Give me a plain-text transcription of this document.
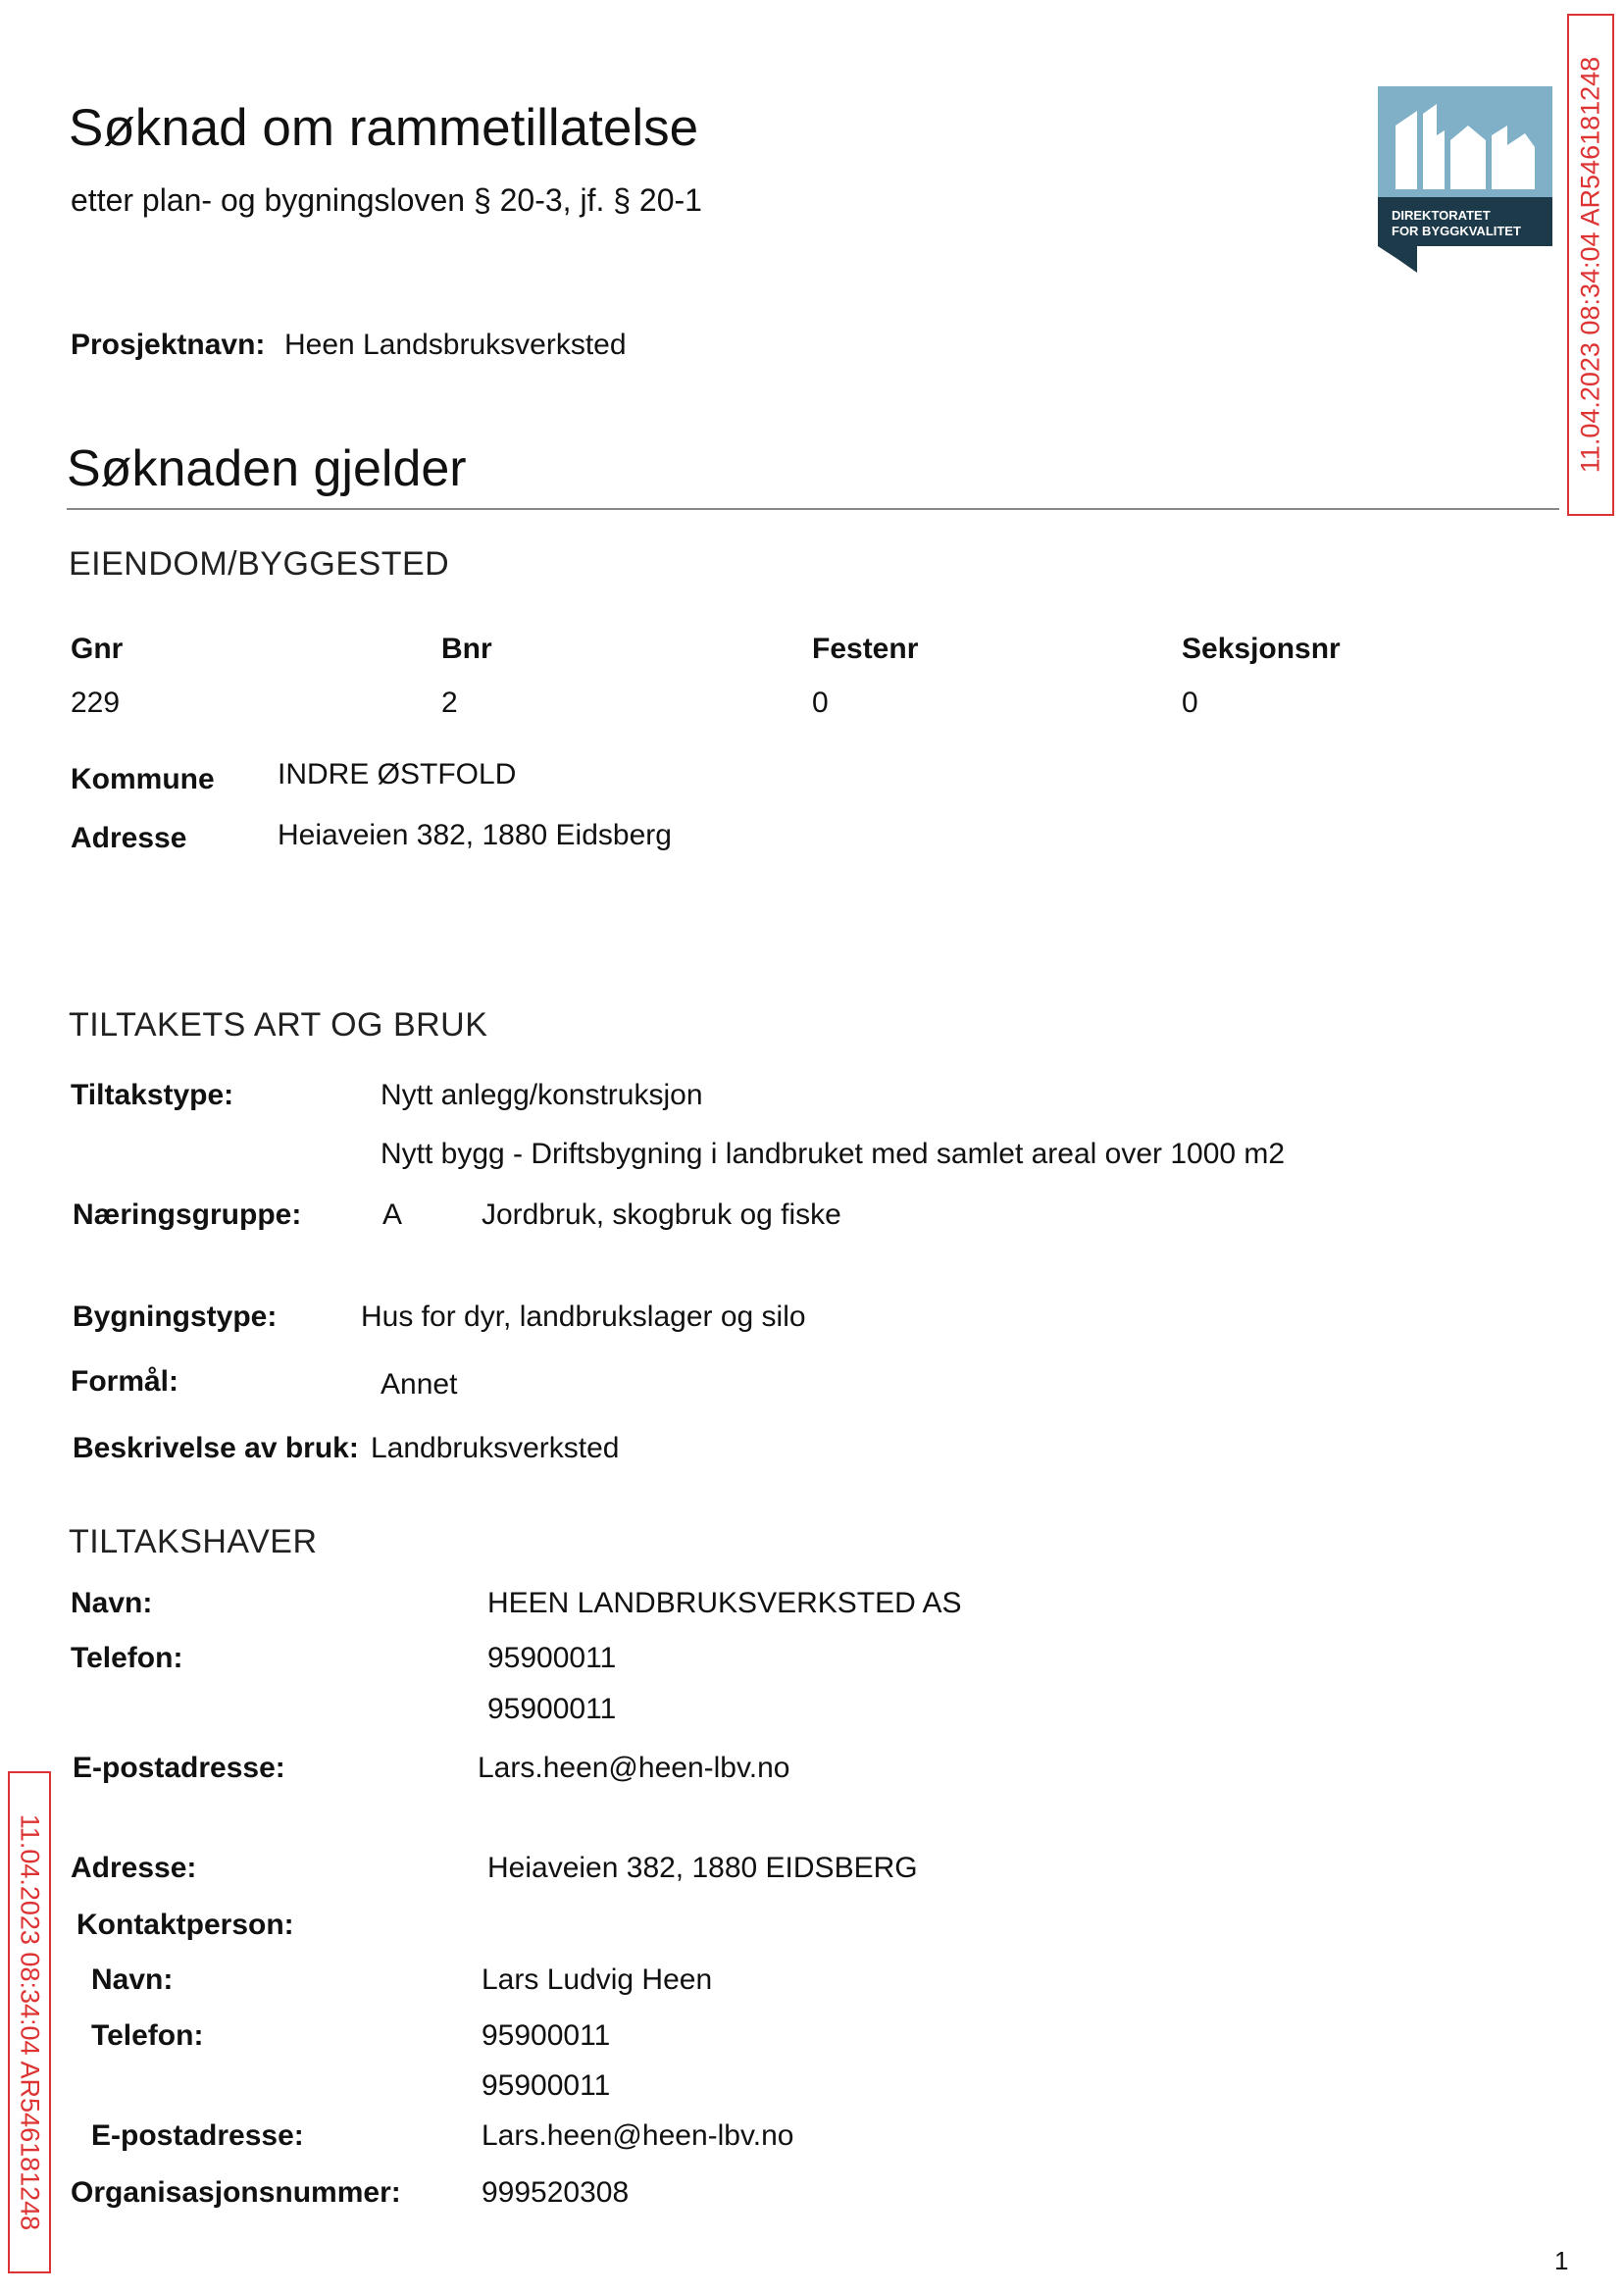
Søknad om rammetillatelse
etter plan- og bygningsloven § 20-3, jf. § 20-1	DIREKTORATET
FOR BYGGKVALITET 11.04.2023 08:34:04 AR546181248
Prosjektnavn: Heen Landsbruksverksted
Søknaden gjelder
EIENDOM/BYGGESTED
Gnr	Bnr	Festenr	Seksjonsnr
229	2	0	0
Kommune INDRE ØSTFOLD
Adresse	Heiaveien 382, 1880 Eidsberg
TILTAKETS ART OG BRUK
Tiltakstype:	Nytt anlegg/konstruksjon
Nytt bygg - Driftsbygning i landbruket med samlet areal over 1000 m2
Næringsgruppe:	A	Jordbruk, skogbruk og fiske
Bygningstype:	Hus for dyr, landbrukslager og silo
Formål:	Annet
Beskrivelse av bruk: Landbruksverksted
TILTAKSHAVER
Navn:	HEEN LANDBRUKSVERKSTED AS
Telefon:	95900011
95900011
E-postadresse:	Lars.heen@heen-lbv.no
Adresse:	Heiaveien 382, 1880 EIDSBERG
Kontaktperson:
Navn:	Lars Ludvig Heen
Telefon:	95900011
95900011
E-postadresse:	Lars.heen@heen-lbv.no
Organisasjonsnummer:	999520308
11.04.2023 08:34:04 AR546181248
1
